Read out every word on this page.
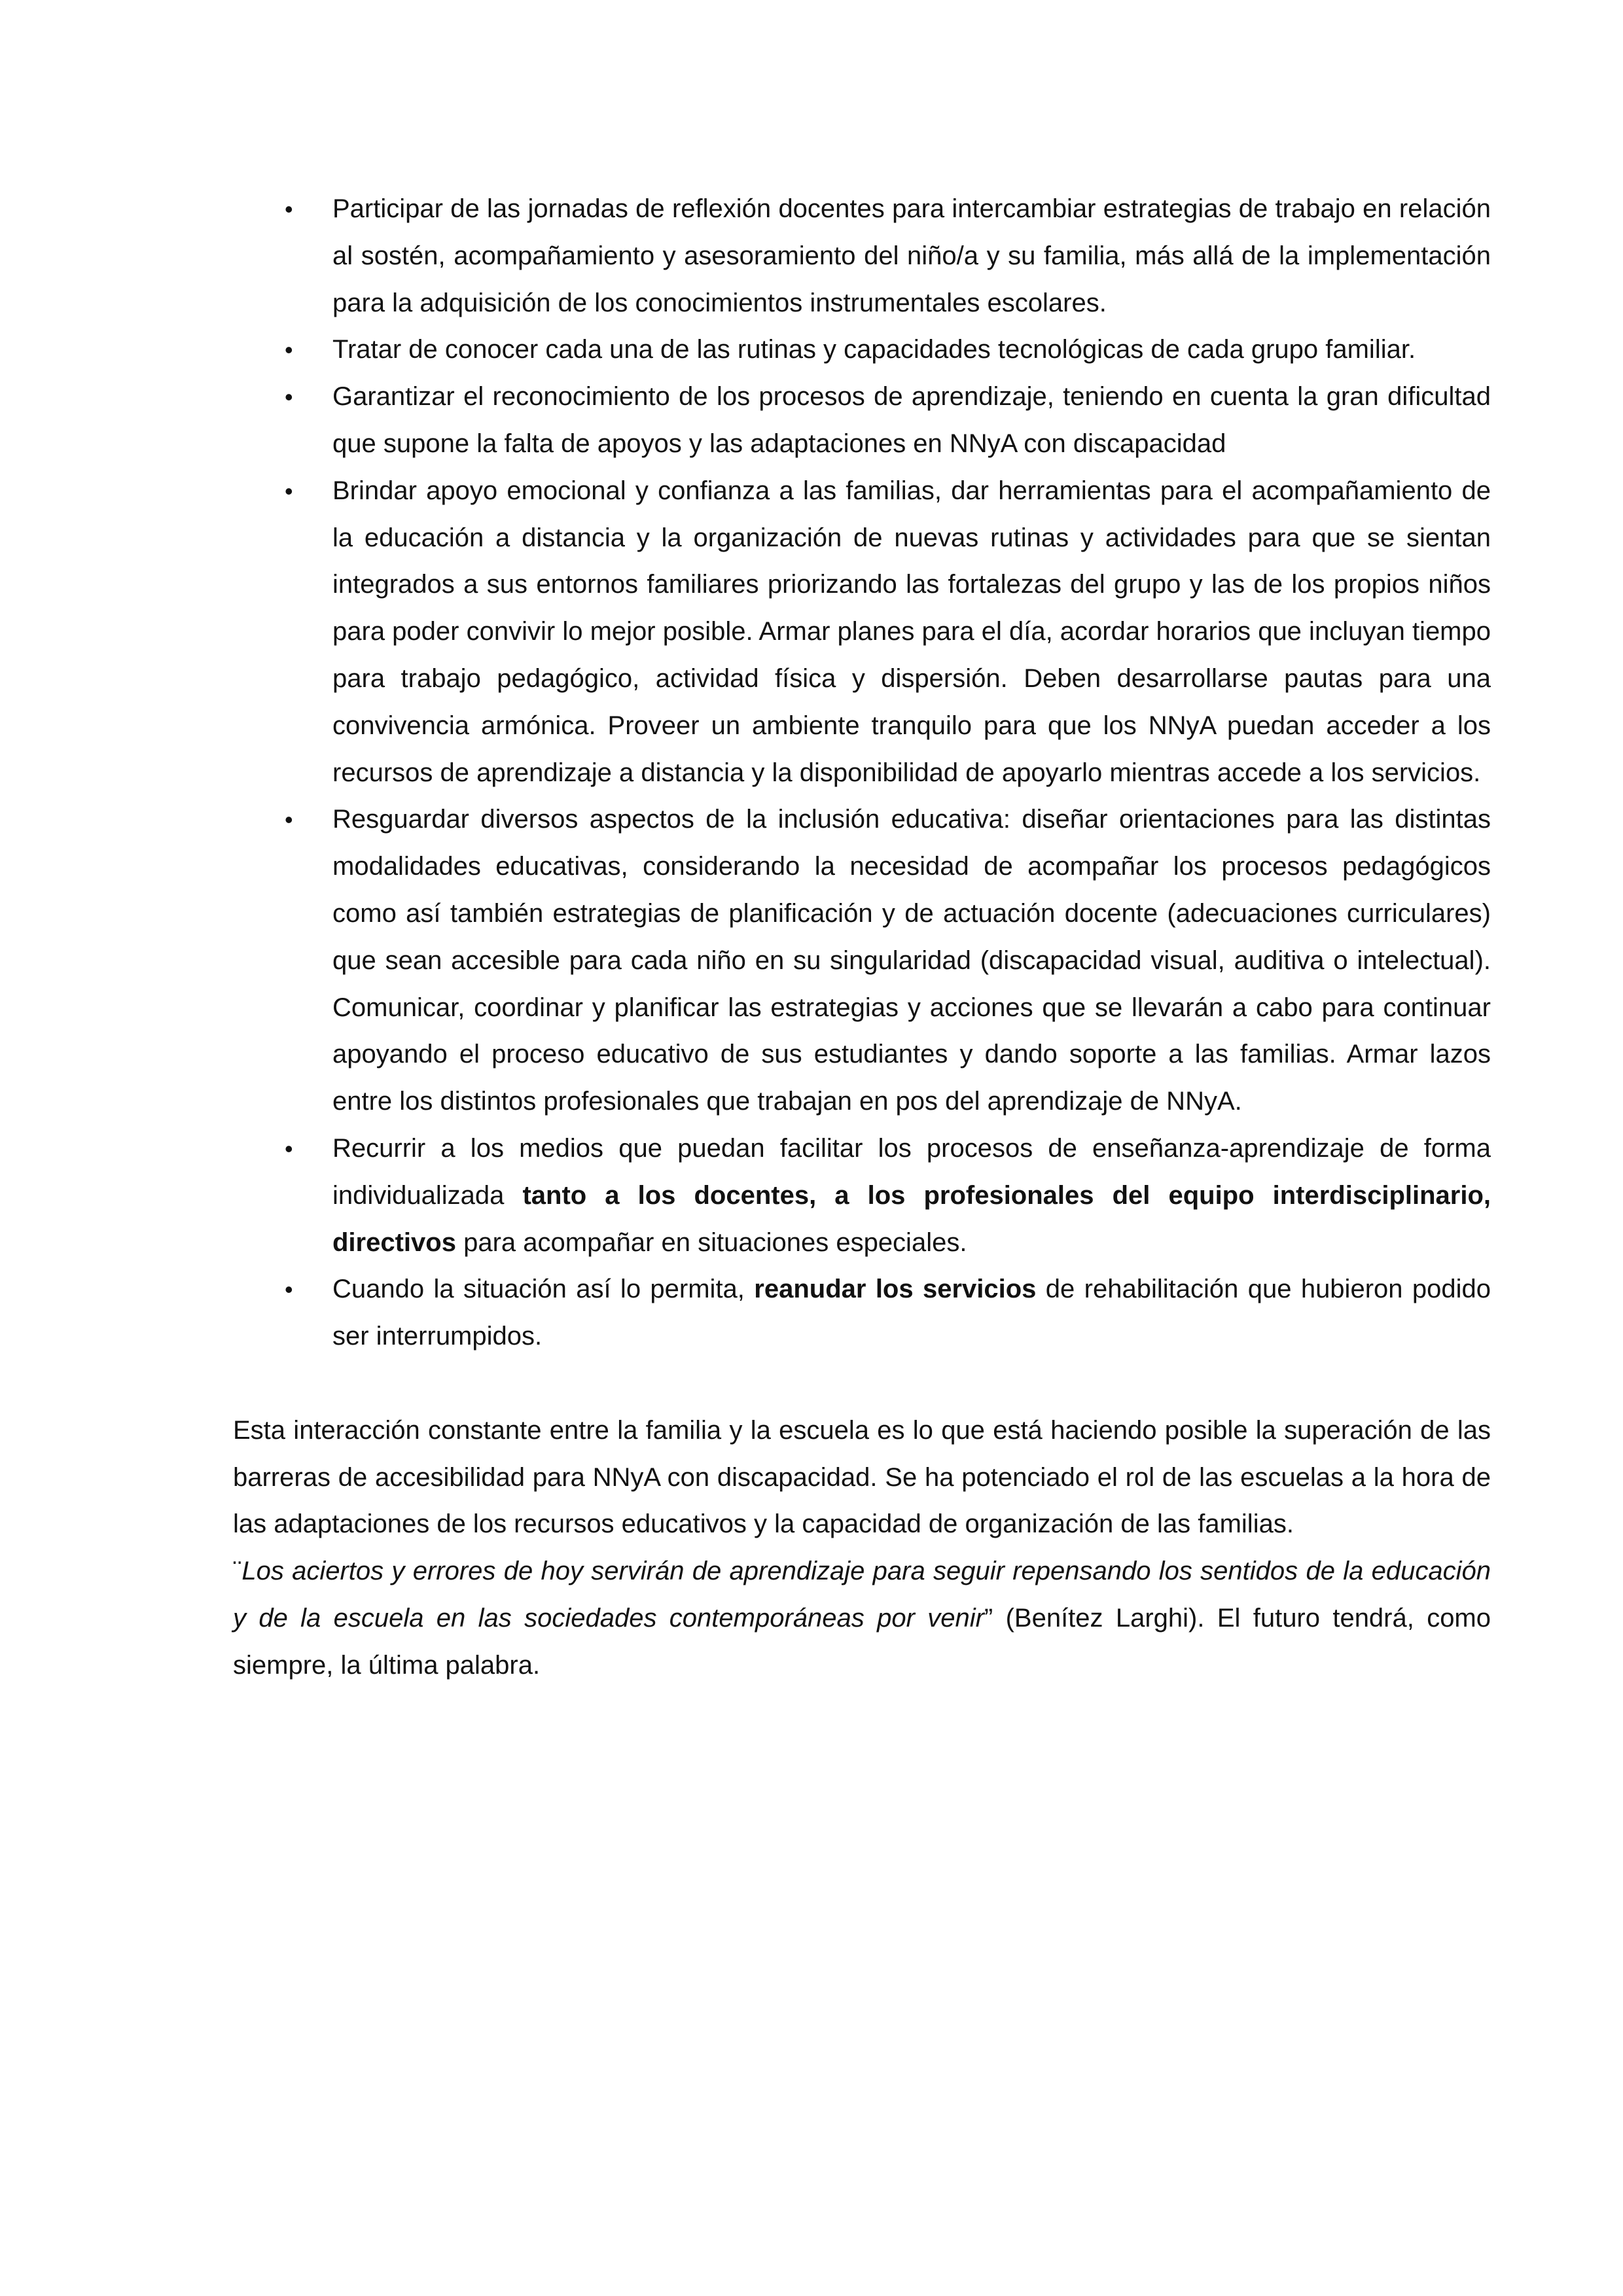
• Participar de las jornadas de reflexión docentes para intercambiar estrategias de trabajo en relación al sostén, acompañamiento y asesoramiento del niño/a y su familia, más allá de la implementación para la adquisición de los conocimientos instrumentales escolares.
• Tratar de conocer cada una de las rutinas y capacidades tecnológicas de cada grupo familiar.
• Garantizar el reconocimiento de los procesos de aprendizaje, teniendo en cuenta la gran dificultad que supone la falta de apoyos y las adaptaciones en NNyA con discapacidad
• Brindar apoyo emocional y confianza a las familias, dar herramientas para el acompañamiento de la educación a distancia y la organización de nuevas rutinas y actividades para que se sientan integrados a sus entornos familiares priorizando las fortalezas del grupo y las de los propios niños para poder convivir lo mejor posible. Armar planes para el día, acordar horarios que incluyan tiempo para trabajo pedagógico, actividad física y dispersión. Deben desarrollarse pautas para una convivencia armónica. Proveer un ambiente tranquilo para que los NNyA puedan acceder a los recursos de aprendizaje a distancia y la disponibilidad de apoyarlo mientras accede a los servicios.
• Resguardar diversos aspectos de la inclusión educativa: diseñar orientaciones para las distintas modalidades educativas, considerando la necesidad de acompañar los procesos pedagógicos como así también estrategias de planificación y de actuación docente (adecuaciones curriculares) que sean accesible para cada niño en su singularidad (discapacidad visual, auditiva o intelectual). Comunicar, coordinar y planificar las estrategias y acciones que se llevarán a cabo para continuar apoyando el proceso educativo de sus estudiantes y dando soporte a las familias. Armar lazos entre los distintos profesionales que trabajan en pos del aprendizaje de NNyA.
• Recurrir a los medios que puedan facilitar los procesos de enseñanza-aprendizaje de forma individualizada tanto a los docentes, a los profesionales del equipo interdisciplinario, directivos para acompañar en situaciones especiales.
• Cuando la situación así lo permita, reanudar los servicios de rehabilitación que hubieron podido ser interrumpidos.

Esta interacción constante entre la familia y la escuela es lo que está haciendo posible la superación de las barreras de accesibilidad para NNyA con discapacidad. Se ha potenciado el rol de las escuelas a la hora de las adaptaciones de los recursos educativos y la capacidad de organización de las familias.

¨Los aciertos y errores de hoy servirán de aprendizaje para seguir repensando los sentidos de la educación y de la escuela en las sociedades contemporáneas por venir” (Benítez Larghi). El futuro tendrá, como siempre, la última palabra.
